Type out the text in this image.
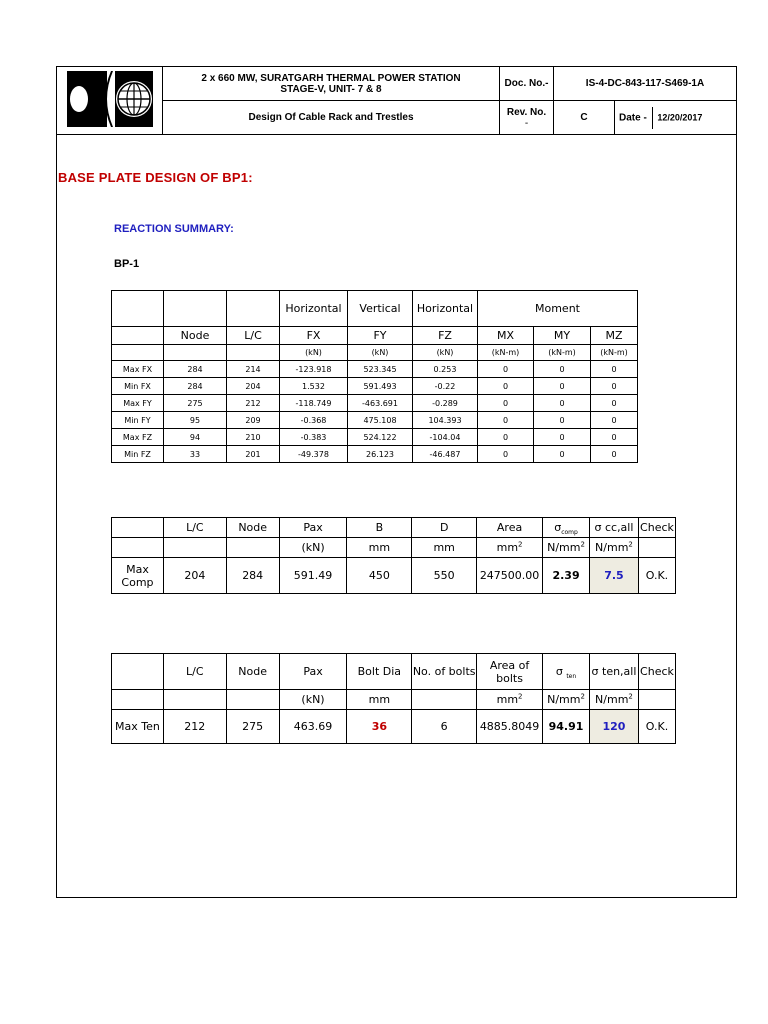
2 x 660 MW, SURATGARH THERMAL POWER STATION
STAGE-V, UNIT- 7 & 8	Doc. No.-	IS-4-DC-843-117-S469-1A	
	Design Of Cable Rack and Trestles	Rev. No.
-	C	Date - 12/20/2017
BASE PLATE DESIGN OF BP1:
REACTION SUMMARY:
BP-1
			Horizontal	Vertical	Horizontal	Moment		
	Node	L/C	FX	FY	FZ	MX	MY	MZ
			(kN)	(kN)	(kN)	(kN-m)	(kN-m)	(kN-m)
Max FX	284	214	-123.918	523.345	0.253	0	0	0
Min FX	284	204	1.532	591.493	-0.22	0	0	0
Max FY	275	212	-118.749	-463.691	-0.289	0	0	0
Min FY	95	209	-0.368	475.108	104.393	0	0	0
Max FZ	94	210	-0.383	524.122	-104.04	0	0	0
Min FZ	33	201	-49.378	26.123	-46.487	0	0	0
	L/C	Node	Pax	B	D	Area	$\sigma_{comp}$	σ cc,all	Check
			(kN)	mm	mm	$mm^2$	$N/mm^2$	$N/mm^2$	
Max Comp	204	284	591.49	450	550	247500.00	2.39	7.5	O.K.
	L/C	Node	Pax	Bolt Dia	No. of bolts	Area of bolts	σ $_{ten}$	σ ten,all	Check
			(kN)	mm		$mm^2$	$N/mm^2$	$N/mm^2$	
Max Ten	212	275	463.69	36	6	4885.8049	94.91	120	O.K.
